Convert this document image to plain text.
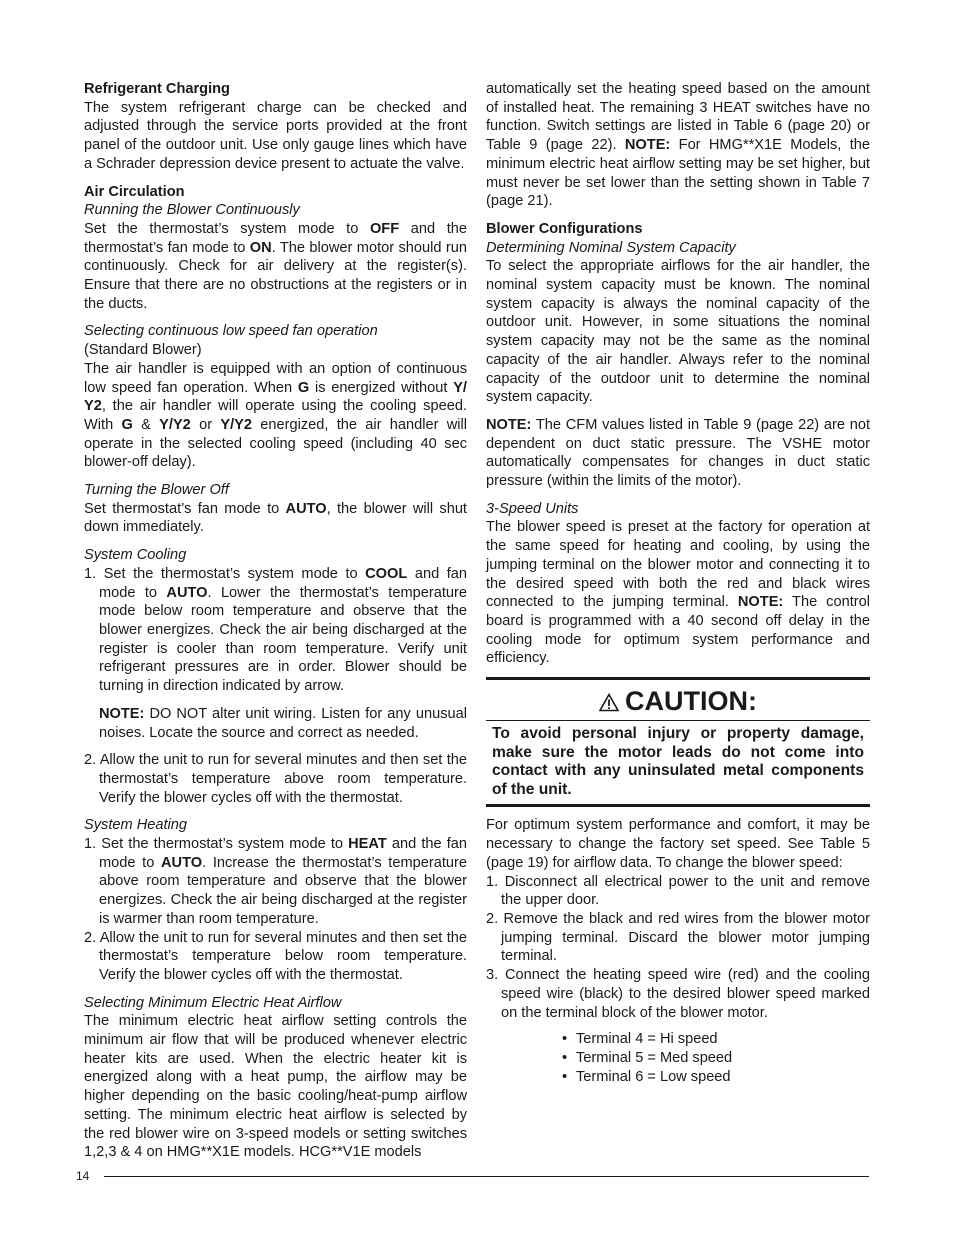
Refrigerant Charging

The system refrigerant charge can be checked and adjusted through the service ports provided at the front panel of the outdoor unit. Use only gauge lines which have a Schrader depression device present to actuate the valve.

Air Circulation

Running the Blower Continuously

Set the thermostat’s system mode to OFF and the thermostat’s fan mode to ON. The blower motor should run continuously. Check for air delivery at the register(s). Ensure that there are no obstructions at the registers or in the ducts.

Selecting continuous low speed fan operation

(Standard Blower)

The air handler is equipped with an option of continuous low speed fan operation. When G is energized without Y/ Y2, the air handler will operate using the cooling speed. With G & Y/Y2 or Y/Y2 energized, the air handler will operate in the selected cooling speed (including 40 sec blower-off delay).

Turning the Blower Off

Set thermostat’s fan mode to AUTO, the blower will shut down immediately.

System Cooling

1. Set the thermostat’s system mode to COOL and fan mode to AUTO. Lower the thermostat’s temperature mode below room temperature and observe that the blower energizes. Check the air being discharged at the register is cooler than room temperature. Verify unit refrigerant pressures are in order. Blower should be turning in direction indicated by arrow.

NOTE: DO NOT alter unit wiring. Listen for any unusual noises. Locate the source and correct as needed.

2. Allow the unit to run for several minutes and then set the thermostat’s temperature above room temperature. Verify the blower cycles off with the thermostat.

System Heating

1. Set the thermostat’s system mode to HEAT and the fan mode to AUTO. Increase the thermostat’s temperature above room temperature and observe that the blower energizes. Check the air being discharged at the register is warmer than room temperature.

2. Allow the unit to run for several minutes and then set the thermostat’s temperature below room temperature. Verify the blower cycles off with the thermostat.

Selecting Minimum Electric Heat Airflow

The minimum electric heat airflow setting controls the minimum air flow that will be produced whenever electric heater kits are used. When the electric heater kit is energized along with a heat pump, the airflow may be higher depending on the basic cooling/heat-pump airflow setting. The minimum electric heat airflow is selected by the red blower wire on 3-speed models or setting switches 1,2,3 & 4 on HMG**X1E models. HCG**V1E models

automatically set the heating speed based on the amount of installed heat. The remaining 3 HEAT switches have no function. Switch settings are listed in Table 6 (page 20) or Table 9 (page 22). NOTE: For HMG**X1E Models, the minimum electric heat airflow setting may be set higher, but must never be set lower than the setting shown in Table 7 (page 21).

Blower Configurations

Determining Nominal System Capacity

To select the appropriate airflows for the air handler, the nominal system capacity must be known. The nominal system capacity is always the nominal capacity of the outdoor unit. However, in some situations the nominal system capacity may not be the same as the nominal capacity of the air handler. Always refer to the nominal capacity of the outdoor unit to determine the nominal system capacity.

NOTE: The CFM values listed in Table 9 (page 22) are not dependent on duct static pressure. The VSHE motor automatically compensates for changes in duct static pressure (within the limits of the motor).

3-Speed Units

The blower speed is preset at the factory for operation at the same speed for heating and cooling, by using the jumping terminal on the blower motor and connecting it to the desired speed with both the red and black wires connected to the jumping terminal. NOTE: The control board is programmed with a 40 second off delay in the cooling mode for optimum system performance and efficiency.

CAUTION:
To avoid personal injury or property damage, make sure the motor leads do not come into contact with any uninsulated metal components of the unit.

For optimum system performance and comfort, it may be necessary to change the factory set speed. See Table 5 (page 19) for airflow data. To change the blower speed:

1. Disconnect all electrical power to the unit and remove the upper door.

2. Remove the black and red wires from the blower motor jumping terminal. Discard the blower motor jumping terminal.

3. Connect the heating speed wire (red) and the cooling speed wire (black) to the desired blower speed marked on the terminal block of the blower motor.

• Terminal 4 = Hi speed
• Terminal 5 = Med speed
• Terminal 6 = Low speed
14
